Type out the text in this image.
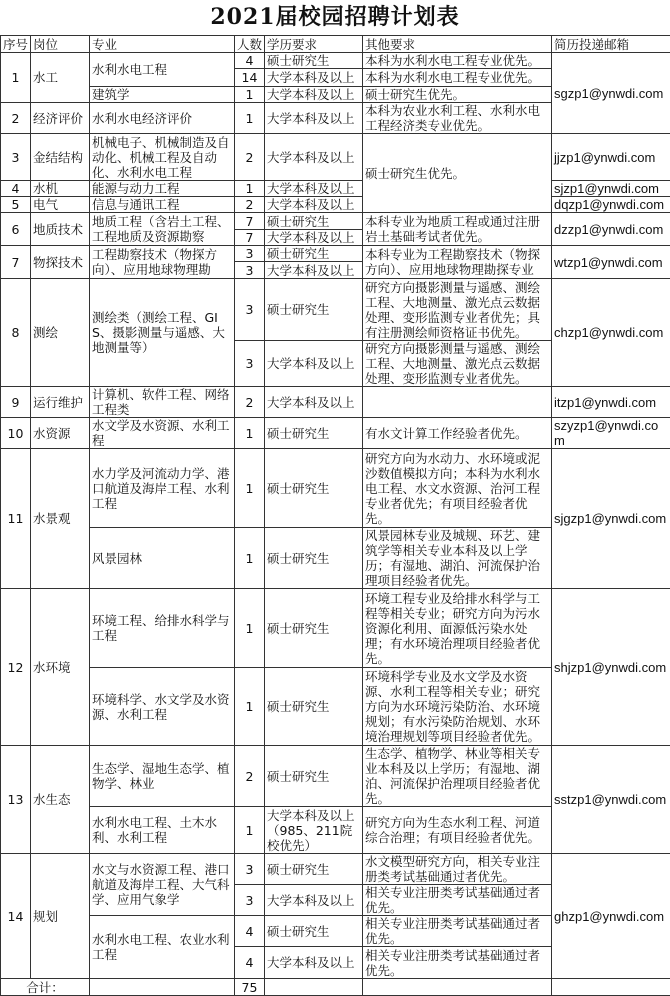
2021届校园招聘计划表
序号	岗位	专业	人数	学历要求	其他要求	简历投递邮箱
1	水工	水利水电工程	4	硕士研究生	本科为水利水电工程专业优先。	sgzp1@ynwdi.com
			14	大学本科及以上	本科为水利水电工程专业优先。	
		建筑学	1	大学本科及以上	硕士研究生优先。	
2	经济评价	水利水电经济评价	1	大学本科及以上	本科为农业水利工程、水利水电工程经济类专业优先。	
3	金结结构	机械电子、机械制造及自动化、机械工程及自动化、水利水电工程	2	大学本科及以上	硕士研究生优先。	jjzp1@ynwdi.com
4	水机	能源与动力工程	1	大学本科及以上		sjzp1@ynwdi.com
5	电气	信息与通讯工程	2	大学本科及以上		dqzp1@ynwdi.com
6	地质技术	地质工程（含岩土工程、工程地质及资源勘察	7	硕士研究生	本科专业为地质工程或通过注册岩土基础考试者优先。	dzzp1@ynwdi.com
			7	大学本科及以上		
7	物探技术	工程勘察技术（物探方向）、应用地球物理勘	3	硕士研究生	本科专业为工程勘察技术（物探方向）、应用地球物理勘探专业	wtzp1@ynwdi.com
			3	大学本科及以上		
8	测绘	测绘类（测绘工程、GIS、摄影测量与遥感、大地测量等）	3	硕士研究生	研究方向摄影测量与遥感、测绘工程、大地测量、激光点云数据处理、变形监测专业者优先；具有注册测绘师资格证书优先。	chzp1@ynwdi.com
			3	大学本科及以上	研究方向摄影测量与遥感、测绘工程、大地测量、激光点云数据处理、变形监测专业者优先。	
9	运行维护	计算机、软件工程、网络工程类	2	大学本科及以上		itzp1@ynwdi.com
10	水资源	水文学及水资源、水利工程	1	硕士研究生	有水文计算工作经验者优先。	szyzp1@ynwdi.com
11	水景观	水力学及河流动力学、港口航道及海岸工程、水利工程	1	硕士研究生	研究方向为水动力、水环境或泥沙数值模拟方向；本科为水利水电工程、水文水资源、治河工程专业者优先；有项目经验者优先。	sjgzp1@ynwdi.com
		风景园林	1	硕士研究生	风景园林专业及城规、环艺、建筑学等相关专业本科及以上学历；有湿地、湖泊、河流保护治理项目经验者优先。	
12	水环境	环境工程、给排水科学与工程	1	硕士研究生	环境工程专业及给排水科学与工程等相关专业；研究方向为污水资源化利用、面源低污染水处理；有水环境治理项目经验者优先。	shjzp1@ynwdi.com
		环境科学、水文学及水资源、水利工程	1	硕士研究生	环境科学专业及水文学及水资源、水利工程等相关专业；研究方向为水环境污染防治、水环境规划；有水污染防治规划、水环境治理规划等项目经验者优先。	
13	水生态	生态学、湿地生态学、植物学、林业	2	硕士研究生	生态学、植物学、林业等相关专业本科及以上学历；有湿地、湖泊、河流保护治理项目经验者优先。	sstzp1@ynwdi.com
		水利水电工程、土木水利、水利工程	1	大学本科及以上（985、211院校优先）	研究方向为生态水利工程、河道综合治理；有项目经验者优先。	
14	规划	水文与水资源工程、港口航道及海岸工程、大气科学、应用气象学	3	硕士研究生	水文模型研究方向，相关专业注册类考试基础通过者优先。	ghzp1@ynwdi.com
			3	大学本科及以上	相关专业注册类考试基础通过者优先。	
		水利水电工程、农业水利工程	4	硕士研究生	相关专业注册类考试基础通过者优先。	
			4	大学本科及以上	相关专业注册类考试基础通过者优先。	
合计：			75			
